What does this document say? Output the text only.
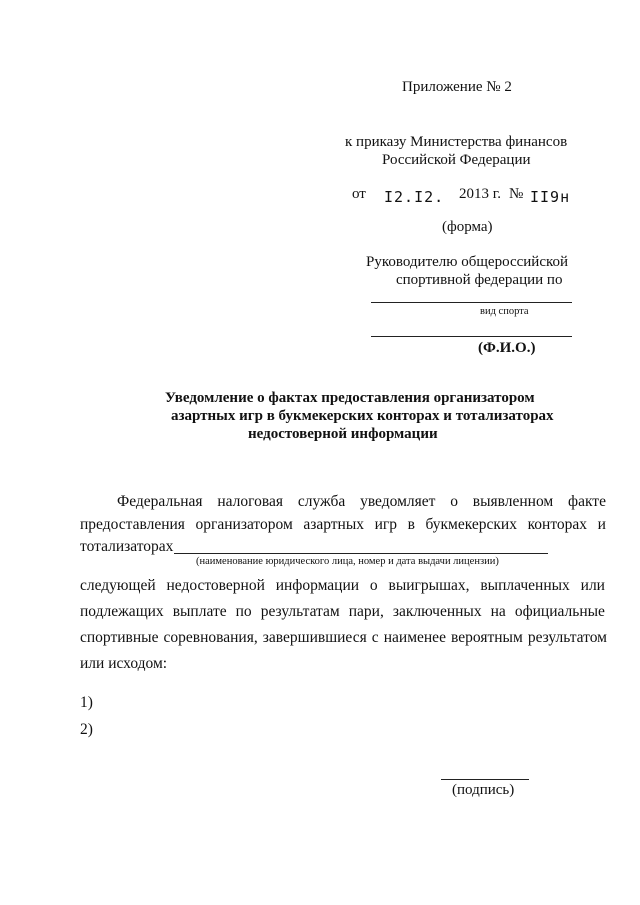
Приложение № 2
к приказу Министерства финансов
Российской Федерации
от I2.I2. 2013 г. № II9н
(форма)
Руководителю общероссийской
спортивной федерации по
вид спорта
(Ф.И.О.)
Уведомление о фактах предоставления организатором
азартных игр в букмекерских конторах и тотализаторах
недостоверной информации
Федеральная налоговая служба уведомляет о выявленном факте
предоставления организатором азартных игр в букмекерских конторах и
тотализаторах
(наименование юридического лица, номер и дата выдачи лицензии)
следующей недостоверной информации о выигрышах, выплаченных или
подлежащих выплате по результатам пари, заключенных на официальные
спортивные соревнования, завершившиеся с наименее вероятным результатом
или исходом:
1)
2)
(подпись)
